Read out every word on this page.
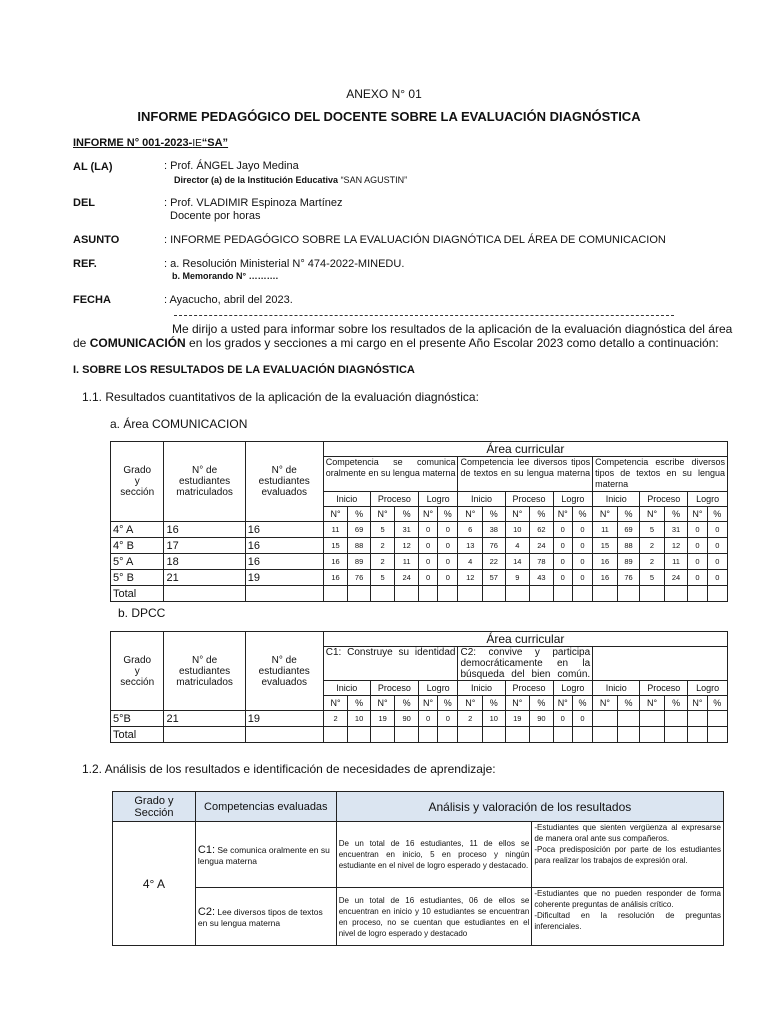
ANEXO N° 01
INFORME PEDAGÓGICO DEL DOCENTE SOBRE LA EVALUACIÓN DIAGNÓSTICA
INFORME N° 001-2023-IE“SA”
AL (LA)	: Prof. ÁNGEL Jayo Medina
Director (a) de la Institución Educativa “SAN AGUSTIN”
DEL	: Prof. VLADIMIR Espinoza Martínez
Docente por horas
ASUNTO	: INFORME PEDAGÓGICO SOBRE LA EVALUACIÓN DIAGNÓTICA DEL ÁREA DE COMUNICACION
REF.	: a. Resolución Ministerial N° 474-2022-MINEDU.
b. Memorando N° ……….
FECHA	: Ayacucho, abril del 2023.
Me dirijo a usted para informar sobre los resultados de la aplicación de la evaluación diagnóstica del área
de COMUNICACIÓN en los grados y secciones a mi cargo en el presente Año Escolar 2023 como detallo a continuación:
I. SOBRE LOS RESULTADOS DE LA EVALUACIÓN DIAGNÓSTICA
1.1. Resultados cuantitativos de la aplicación de la evaluación diagnóstica:
a. Área COMUNICACION
Grado
y
sección	N° de
estudiantes
matriculados	N° de
estudiantes
evaluados	Área curricular																	
			Competencia se comunica oralmente en su lengua materna						Competencia lee diversos tipos de textos en su lengua materna						Competencia escribe diversos tipos de textos en su lengua materna					
			Inicio		Proceso		Logro		Inicio		Proceso		Logro		Inicio		Proceso		Logro	
			N°	%	N°	%	N°	%	N°	%	N°	%	N°	%	N°	%	N°	%	N°	%
4° A	16	16	11	69	5	31	0	0	6	38	10	62	0	0	11	69	5	31	0	0
4° B	17	16	15	88	2	12	0	0	13	76	4	24	0	0	15	88	2	12	0	0
5° A	18	16	16	89	2	11	0	0	4	22	14	78	0	0	16	89	2	11	0	0
5° B	21	19	16	76	5	24	0	0	12	57	9	43	0	0	16	76	5	24	0	0
Total																				
b. DPCC
Grado
y
sección	N° de
estudiantes
matriculados	N° de
estudiantes
evaluados	Área curricular																	
			C1: Construye su identidad						C2: convive y participa democráticamente en la búsqueda del bien común.											
			Inicio		Proceso		Logro		Inicio		Proceso		Logro		Inicio		Proceso		Logro	
			N°	%	N°	%	N°	%	N°	%	N°	%	N°	%	N°	%	N°	%	N°	%
5°B	21	19	2	10	19	90	0	0	2	10	19	90	0	0						
Total																				
1.2. Análisis de los resultados e identificación de necesidades de aprendizaje:
Grado y Sección	Competencias evaluadas	Análisis y valoración de los resultados	
4° A	C1: Se comunica oralmente en su lengua materna	De un total de 16 estudiantes, 11 de ellos se encuentran en inicio, 5 en proceso y ningún estudiante en el nivel de logro esperado y destacado.	-Estudiantes que sienten vergüenza al expresarse de manera oral ante sus compañeros.
-Poca predisposición por parte de los estudiantes para realizar los trabajos de expresión oral.

	C2: Lee diversos tipos de textos en su lengua materna	De un total de 16 estudiantes, 06 de ellos se encuentran en inicio y 10 estudiantes se encuentran en proceso, no se cuentan que estudiantes en el nivel de logro esperado y destacado	-Estudiantes que no pueden responder de forma coherente preguntas de análisis crítico.
-Dificultad en la resolución de preguntas inferenciales.
